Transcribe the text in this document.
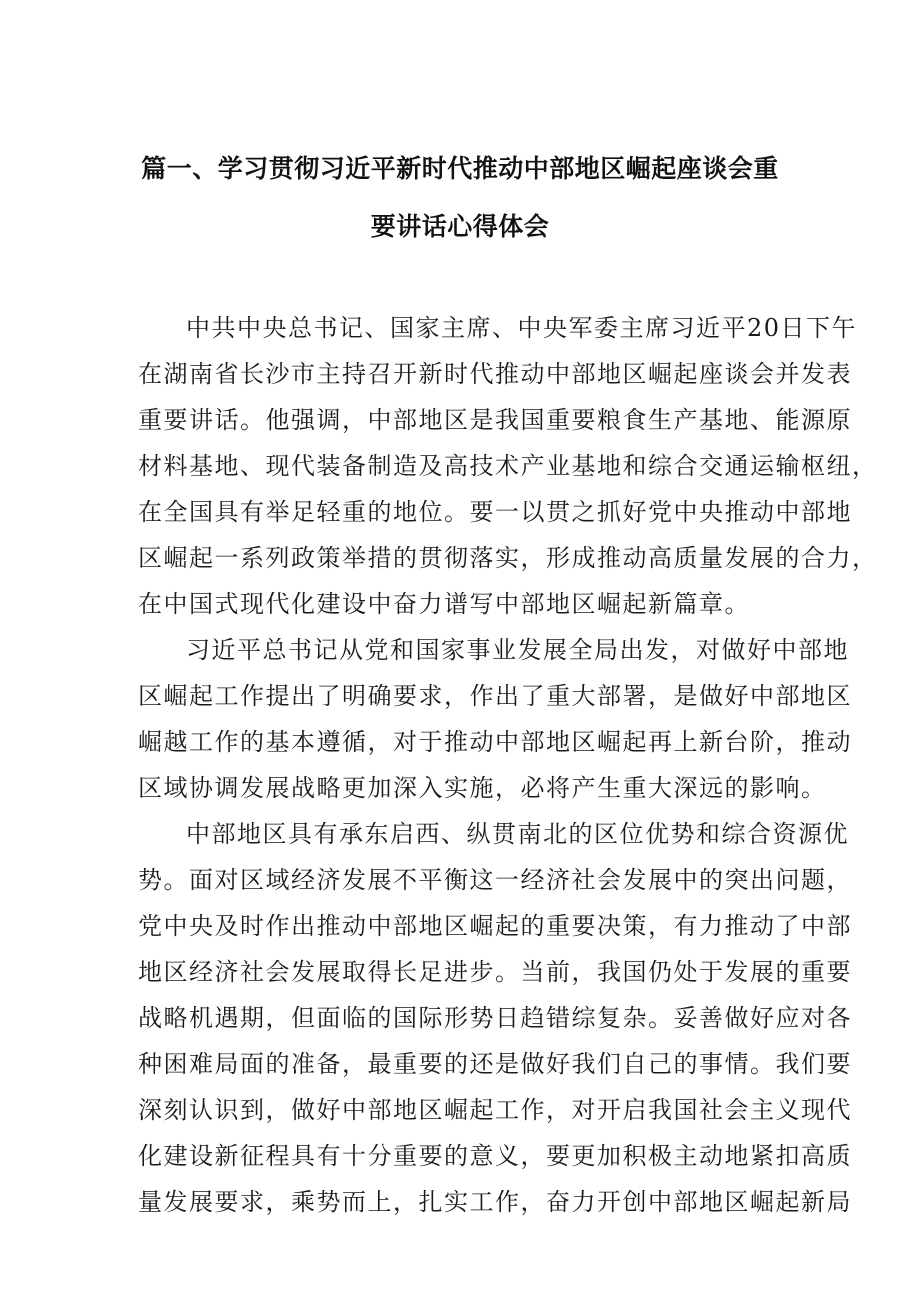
篇一、学习贯彻习近平新时代推动中部地区崛起座谈会重
要讲话心得体会
中共中央总书记、国家主席、中央军委主席习近平20日下午
在湖南省长沙市主持召开新时代推动中部地区崛起座谈会并发表
重要讲话。他强调，中部地区是我国重要粮食生产基地、能源原
材料基地、现代装备制造及高技术产业基地和综合交通运输枢纽，
在全国具有举足轻重的地位。要一以贯之抓好党中央推动中部地
区崛起一系列政策举措的贯彻落实，形成推动高质量发展的合力，
在中国式现代化建设中奋力谱写中部地区崛起新篇章。
习近平总书记从党和国家事业发展全局出发，对做好中部地
区崛起工作提出了明确要求，作出了重大部署，是做好中部地区
崛越工作的基本遵循，对于推动中部地区崛起再上新台阶，推动
区域协调发展战略更加深入实施，必将产生重大深远的影响。
中部地区具有承东启西、纵贯南北的区位优势和综合资源优
势。面对区域经济发展不平衡这一经济社会发展中的突出问题，
党中央及时作出推动中部地区崛起的重要决策，有力推动了中部
地区经济社会发展取得长足进步。当前，我国仍处于发展的重要
战略机遇期，但面临的国际形势日趋错综复杂。妥善做好应对各
种困难局面的准备，最重要的还是做好我们自己的事情。我们要
深刻认识到，做好中部地区崛起工作，对开启我国社会主义现代
化建设新征程具有十分重要的意义，要更加积极主动地紧扣高质
量发展要求，乘势而上，扎实工作，奋力开创中部地区崛起新局
